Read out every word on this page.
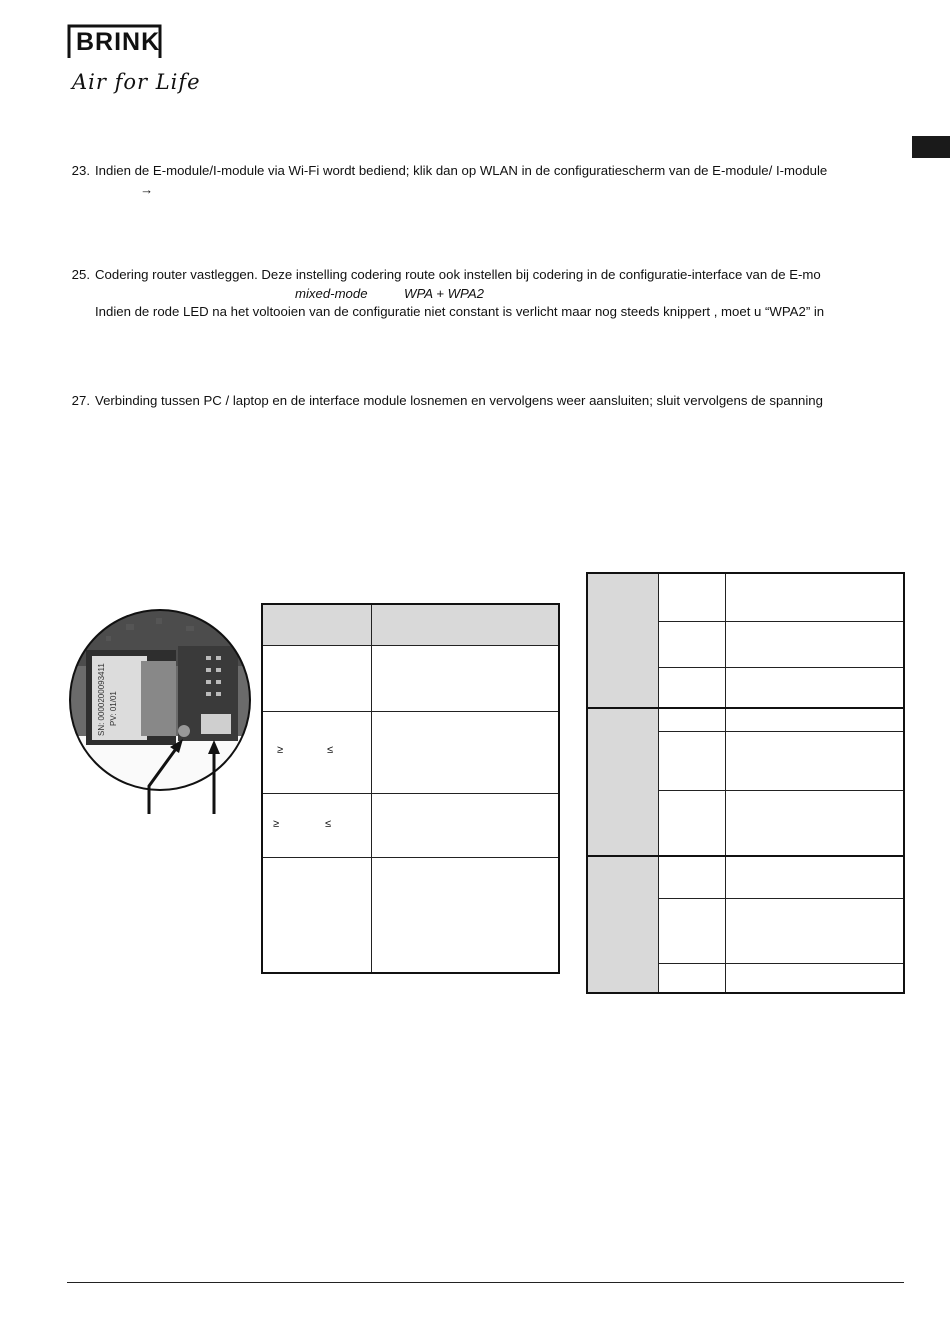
BRINK
Air for Life
23. Indien de E-module/I-module via Wi-Fi wordt bediend; klik dan op WLAN in de configuratiescherm van de E-module/ I-module
→
25. Codering router vastleggen. Deze instelling codering route ook instellen bij codering in de configuratie-interface van de E-mo
mixed-mode	WPA + WPA2
Indien de rode LED na het voltooien van de configuratie niet constant is verlicht maar nog steeds knippert , moet u “WPA2” in
27. Verbinding tussen PC / laptop en de interface module losnemen en vervolgens weer aansluiten; sluit vervolgens de spanning
SN: 0000200093411 PV: 01/01

≥ ≤	

≥ ≤	
